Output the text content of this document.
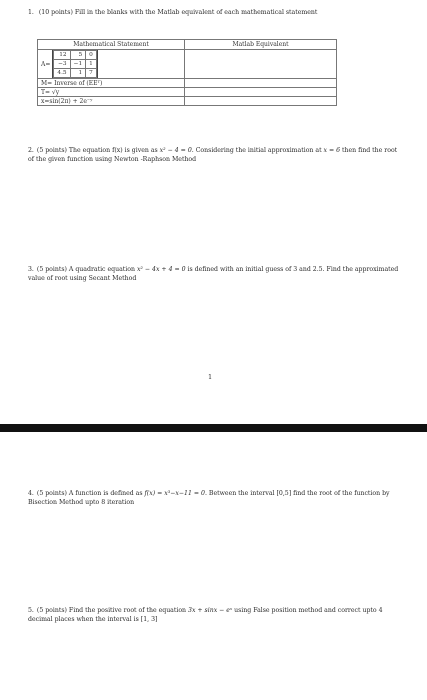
1. (10 points) Fill in the blanks with the Matlab equivalent of each mathematical statement
Mathematical Statement	Matlab Equivalent

A=
12	5	0
−3	−1	1
4.5	1	7

M= Inverse of (EEᵀ)	
T= √y	
x=sin(2π) + 2e⁻ʸ	
2. (5 points) The equation f(x) is given as x² − 4 = 0. Considering the initial approximation at x = 6 then find the root of the given function using Newton -Raphson Method
3. (5 points) A quadratic equation x² − 4x + 4 = 0 is defined with an initial guess of 3 and 2.5. Find the approximated value of root using Secant Method
1
4. (5 points) A function is defined as f(x) = x³−x−11 = 0. Between the interval [0,5] find the root of the function by Bisection Method upto 8 iteration
5. (5 points) Find the positive root of the equation 3x + sinx − eˣ using False position method and correct upto 4 decimal places when the interval is [1, 3]
